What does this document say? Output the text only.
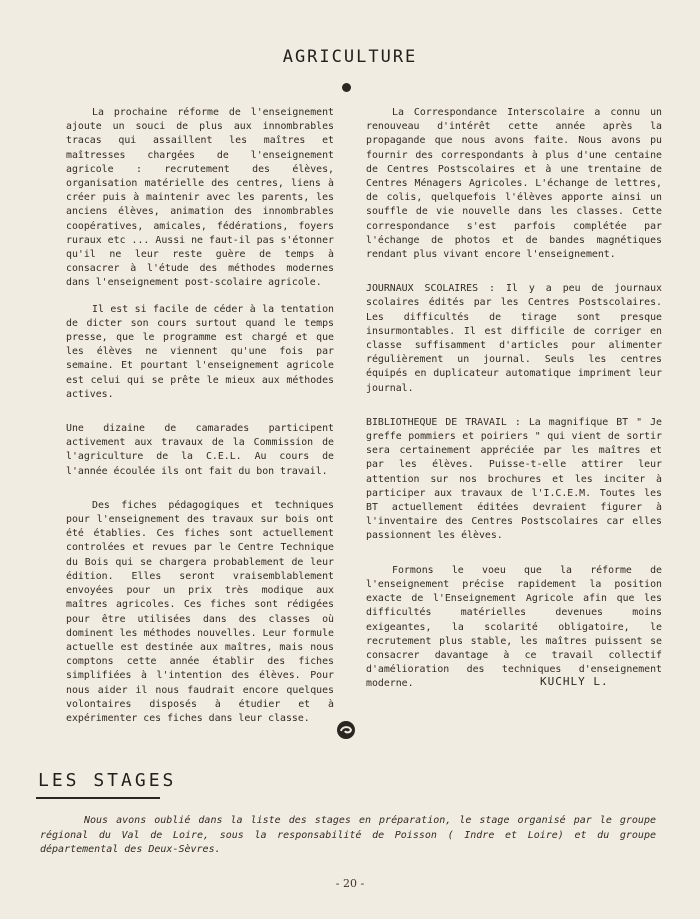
AGRICULTURE

La prochaine réforme de l'enseignement ajoute un souci de plus aux innombrables tracas qui assaillent les maîtres et maîtresses chargées de l'enseignement agricole : recrutement des élèves, organisation matérielle des centres, liens à créer puis à maintenir avec les parents, les anciens élèves, animation des innombrables coopératives, amicales, fédérations, foyers ruraux etc ... Aussi ne faut-il pas s'étonner qu'il ne leur reste guère de temps à consacrer à l'étude des méthodes modernes dans l'enseignement post-scolaire agricole.

Il est si facile de céder à la tentation de dicter son cours surtout quand le temps presse, que le programme est chargé et que les élèves ne viennent qu'une fois par semaine. Et pourtant l'enseignement agricole est celui qui se prête le mieux aux méthodes actives.

Une dizaine de camarades participent activement aux travaux de la Commission de l'agriculture de la C.E.L. Au cours de l'année écoulée ils ont fait du bon travail.

Des fiches pédagogiques et techniques pour l'enseignement des travaux sur bois ont été établies. Ces fiches sont actuellement controlées et revues par le Centre Technique du Bois qui se chargera probablement de leur édition. Elles seront vraisemblablement envoyées pour un prix très modique aux maîtres agricoles. Ces fiches sont rédigées pour être utilisées dans des classes où dominent les méthodes nouvelles. Leur formule actuelle est destinée aux maîtres, mais nous comptons cette année établir des fiches simplifiées à l'intention des élèves. Pour nous aider il nous faudrait encore quelques volontaires disposés à étudier et à expérimenter ces fiches dans leur classe.

La Correspondance Interscolaire a connu un renouveau d'intérêt cette année après la propagande que nous avons faite. Nous avons pu fournir des correspondants à plus d'une centaine de Centres Postscolaires et à une trentaine de Centres Ménagers Agricoles. L'échange de lettres, de colis, quelquefois l'élèves apporte ainsi un souffle de vie nouvelle dans les classes. Cette correspondance s'est parfois complétée par l'échange de photos et de bandes magnétiques rendant plus vivant encore l'enseignement.

JOURNAUX SCOLAIRES : Il y a peu de journaux scolaires édités par les Centres Postscolaires. Les difficultés de tirage sont presque insurmontables. Il est difficile de corriger en classe suffisamment d'articles pour alimenter régulièrement un journal. Seuls les centres équipés en duplicateur automatique impriment leur journal.

BIBLIOTHEQUE DE TRAVAIL : La magnifique BT " Je greffe pommiers et poiriers " qui vient de sortir sera certainement appréciée par les maîtres et par les élèves. Puisse-t-elle attirer leur attention sur nos brochures et les inciter à participer aux travaux de l'I.C.E.M. Toutes les BT actuellement éditées devraient figurer à l'inventaire des Centres Postscolaires car elles passionnent les élèves.

Formons le voeu que la réforme de l'enseignement précise rapidement la position exacte de l'Enseignement Agricole afin que les difficultés matérielles devenues moins exigeantes, la scolarité obligatoire, le recrutement plus stable, les maîtres puissent se consacrer davantage à ce travail collectif d'amélioration des techniques d'enseignement moderne.	KUCHLY L.
LES STAGES
Nous avons oublié dans la liste des stages en préparation, le stage organisé par le groupe régional du Val de Loire, sous la responsabilité de Poisson ( Indre et Loire) et du groupe départemental des Deux-Sèvres.
- 20 -
